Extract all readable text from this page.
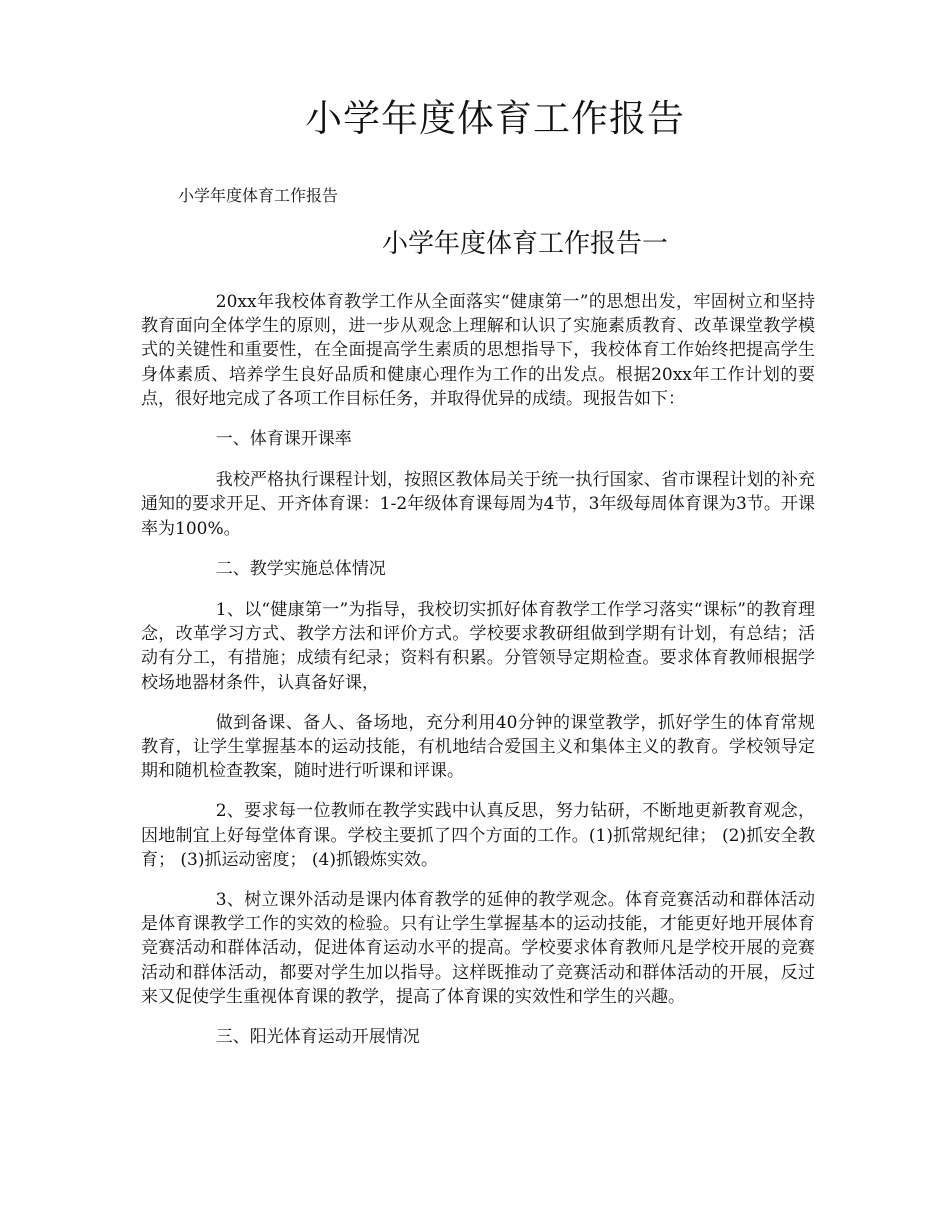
小学年度体育工作报告
小学年度体育工作报告
小学年度体育工作报告一

20xx年我校体育教学工作从全面落实“健康第一”的思想出发，牢固树立和坚持教育面向全体学生的原则，进一步从观念上理解和认识了实施素质教育、改革课堂教学模式的关键性和重要性，在全面提高学生素质的思想指导下，我校体育工作始终把提高学生身体素质、培养学生良好品质和健康心理作为工作的出发点。根据20xx年工作计划的要点，很好地完成了各项工作目标任务，并取得优异的成绩。现报告如下：

一、体育课开课率

我校严格执行课程计划，按照区教体局关于统一执行国家、省市课程计划的补充通知的要求开足、开齐体育课：1-2年级体育课每周为4节，3年级每周体育课为3节。开课率为100%。

二、教学实施总体情况

1、以“健康第一”为指导，我校切实抓好体育教学工作学习落实“课标”的教育理念，改革学习方式、教学方法和评价方式。学校要求教研组做到学期有计划，有总结；活动有分工，有措施；成绩有纪录；资料有积累。分管领导定期检查。要求体育教师根据学校场地器材条件，认真备好课，

做到备课、备人、备场地，充分利用40分钟的课堂教学，抓好学生的体育常规教育，让学生掌握基本的运动技能，有机地结合爱国主义和集体主义的教育。学校领导定期和随机检查教案，随时进行听课和评课。

2、要求每一位教师在教学实践中认真反思，努力钻研，不断地更新教育观念，因地制宜上好每堂体育课。学校主要抓了四个方面的工作。(1)抓常规纪律； (2)抓安全教育； (3)抓运动密度； (4)抓锻炼实效。

3、树立课外活动是课内体育教学的延伸的教学观念。体育竞赛活动和群体活动是体育课教学工作的实效的检验。只有让学生掌握基本的运动技能，才能更好地开展体育竞赛活动和群体活动，促进体育运动水平的提高。学校要求体育教师凡是学校开展的竞赛活动和群体活动，都要对学生加以指导。这样既推动了竞赛活动和群体活动的开展，反过来又促使学生重视体育课的教学，提高了体育课的实效性和学生的兴趣。

三、阳光体育运动开展情况
